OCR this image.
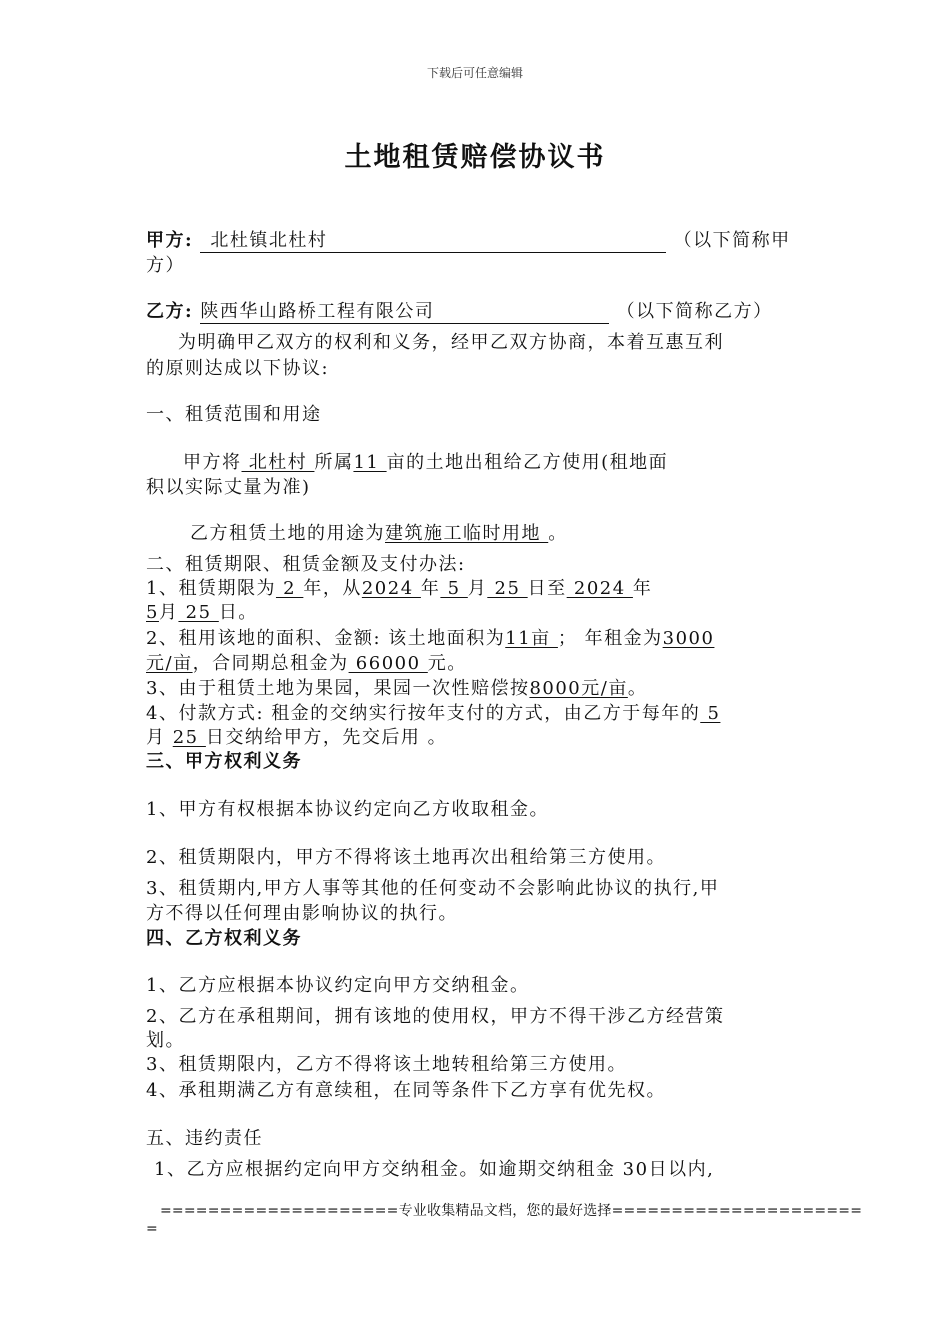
下载后可任意编辑
土地租赁赔偿协议书
甲方: 北杜镇北杜村	（以下简称甲
方）
乙方: 陕西华山路桥工程有限公司	（以下简称乙方）
为明确甲乙双方的权利和义务，经甲乙双方协商，本着互惠互利
的原则达成以下协议:
一、租赁范围和用途
甲方将 北杜村 所属11 亩的土地出租给乙方使用(租地面
积以实际丈量为准)
乙方租赁土地的用途为建筑施工临时用地 。
二、租赁期限、租赁金额及支付办法:
1、租赁期限为 2 年，从2024 年 5 月 25 日至 2024 年
5月 25 日。
2、租用该地的面积、金额: 该土地面积为11亩 ； 年租金为3000
元/亩，合同期总租金为 66000 元。
3、由于租赁土地为果园，果园一次性赔偿按8000元/亩。
4、付款方式: 租金的交纳实行按年支付的方式，由乙方于每年的 5
月 25 日交纳给甲方，先交后用 。
三、甲方权利义务
1、甲方有权根据本协议约定向乙方收取租金。
2、租赁期限内，甲方不得将该土地再次出租给第三方使用。
3、租赁期内,甲方人事等其他的任何变动不会影响此协议的执行,甲
方不得以任何理由影响协议的执行。
四、乙方权利义务
1、乙方应根据本协议约定向甲方交纳租金。
2、乙方在承租期间，拥有该地的使用权，甲方不得干涉乙方经营策
划。
3、租赁期限内，乙方不得将该土地转租给第三方使用。
4、承租期满乙方有意续租，在同等条件下乙方享有优先权。
五、违约责任
1、乙方应根据约定向甲方交纳租金。如逾期交纳租金 30日以内,
====================专业收集精品文档，您的最好选择=====================
=
